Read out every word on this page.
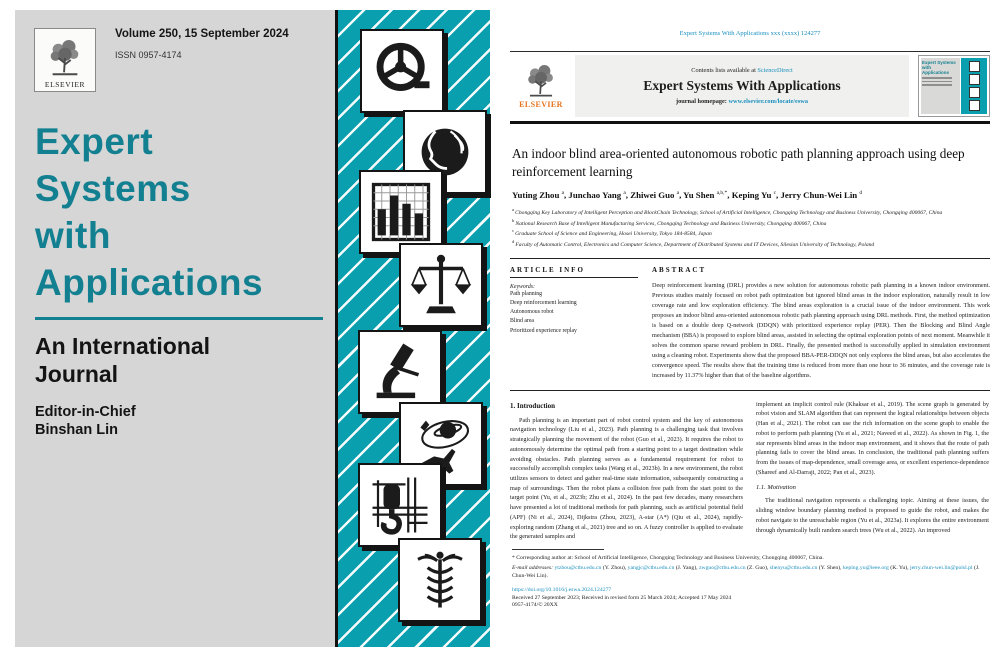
ELSEVIER
Volume 250, 15 September 2024
ISSN 0957-4174
Expert
Systems
with
Applications
An International
Journal
Editor-in-Chief
Binshan Lin
Expert Systems With Applications xxx (xxxx) 124277
ELSEVIER
Contents lists available at ScienceDirect
Expert Systems With Applications
journal homepage: www.elsevier.com/locate/eswa
Expert Systems with Applications
An indoor blind area-oriented autonomous robotic path planning approach using deep reinforcement learning
Yuting Zhou $^a$, Junchao Yang $^a$, Zhiwei Guo $^a$, Yu Shen $^{a,b,*}$, Keping Yu $^c$, Jerry Chun-Wei Lin $^d$
$^a$ Chongqing Key Laboratory of Intelligent Perception and BlockChain Technology, School of Artificial Intelligence, Chongqing Technology and Business University, Chongqing 400067, China
$^b$ National Research Base of Intelligent Manufacturing Services, Chongqing Technology and Business University, Chongqing 400067, China
$^c$ Graduate School of Science and Engineering, Hosei University, Tokyo 184-8584, Japan
$^d$ Faculty of Automatic Control, Electronics and Computer Science, Department of Distributed Systems and IT Devices, Silesian University of Technology, Poland
ARTICLE INFO
Keywords:
Path planning
Deep reinforcement learning
Autonomous robot
Blind area
Prioritized experience replay
ABSTRACT
Deep reinforcement learning (DRL) provides a new solution for autonomous robotic path planning in a known indoor environment. Previous studies mainly focused on robot path optimization but ignored blind areas in the indoor exploration, naturally result in low coverage rate and low exploration efficiency. The blind areas exploration is a crucial issue of the indoor environment. This work proposes an indoor blind area-oriented autonomous robotic path planning approach using DRL methods. First, the method optimization is based on a double deep Q-network (DDQN) with prioritized experience replay (PER). Then the Blocking and Blind Angle mechanism (BBA) is proposed to explore blind areas, assisted in selecting the optimal exploration points of next moment. Meanwhile it solves the common sparse reward problem in DRL. Finally, the presented method is successfully applied in simulation environment using a cleaning robot. Experiments show that the proposed BBA-PER-DDQN not only explores the blind areas, but also accelerates the convergence speed. The results show that the training time is reduced from more than one hour to 36 minutes, and the coverage rate is increased by 11.37% higher than that of the baseline algorithms.
1. Introduction

Path planning is an important part of robot control system and the key of autonomous navigation technology (Liu et al., 2023). Path planning is a challenging task that involves strategically planning the movement of the robot (Guo et al., 2023). It requires the robot to autonomously determine the optimal path from a starting point to a target destination while avoiding obstacles. Path planning serves as a fundamental requirement for robot to successfully accomplish complex tasks (Wang et al., 2023b). In a new environment, the robot utilizes sensors to detect and gather real-time state information, subsequently constructing a map of surroundings. Then the robot plans a collision free path from the start point to the target point (Yu, et al., 2023b; Zhu et al., 2024). In the past few decades, many researchers have presented a lot of traditional methods for path planning, such as artificial potential field (APF) (Ni et al., 2024), Dijkstra (Zhou, 2023), A-star (A*) (Qiu et al., 2024), rapidly-exploring random (Zhang et al., 2021) tree and so on. A fuzzy controller is applied to evaluate the generated samples and

implement an implicit control rule (Khaksar et al., 2019). The scene graph is generated by robot vision and SLAM algorithm that can represent the logical relationships between objects (Han et al., 2021). The robot can use the rich information on the scene graph to enable the robot to perform path planning (Yu et al., 2021; Naveed et al., 2022). As shown in Fig. 1, the star represents blind areas in the indoor map environment, and it shows that the route of path planning fails to cover the blind areas. In conclusion, the traditional path planning suffers from the issues of map-dependence, small coverage area, or excellent experience-dependence (Shareef and Al-Darraji, 2022; Pan et al., 2023).

1.1. Motivation

The traditional navigation represents a challenging topic. Aiming at these issues, the sliding window boundary planning method is proposed to guide the robot, and makes the robot navigate to the unreachable region (Yu et al., 2023a). It explores the entire environment through dynamically built random search trees (Wu et al., 2022). An improved

* Corresponding author at: School of Artificial Intelligence, Chongqing Technology and Business University, Chongqing 400067, China.
E-mail addresses: ytzhou@ctbu.edu.cn (Y. Zhou), yangjc@ctbu.edu.cn (J. Yang), zwguo@ctbu.edu.cn (Z. Guo), shenyu@ctbu.edu.cn (Y. Shen), keping.yu@ieee.org (K. Yu), jerry.chun-wei.lin@polsl.pl (J. Chun-Wei Lin).
https://doi.org/10.1016/j.eswa.2024.124277
Received 27 September 2023; Received in revised form 25 March 2024; Accepted 17 May 2024
0957-4174/© 20XX
